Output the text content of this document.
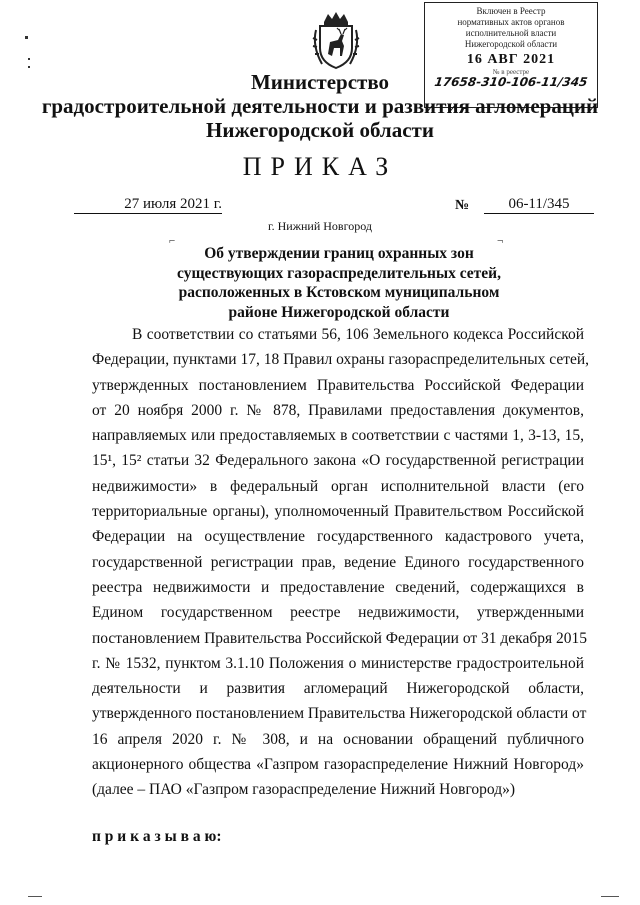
Включен в Реестр
нормативных актов органов
исполнительной власти
Нижегородской области
16 АВГ 2021
№ в реестре
17658-310-106-11/345
Министерство
градостроительной деятельности и развития агломераций
Нижегородской области
ПРИКАЗ
27 июля 2021 г.	№	06-11/345
г. Нижний Новгород
⌐	¬
Об утверждении границ охранных зон
существующих газораспределительных сетей,
расположенных в Кстовском муниципальном
районе Нижегородской области
В соответствии со статьями 56, 106 Земельного кодекса Российской
Федерации, пунктами 17, 18 Правил охраны газораспределительных сетей,
утвержденных постановлением Правительства Российской Федерации
от 20 ноября 2000 г. № 878, Правилами предоставления документов,
направляемых или предоставляемых в соответствии с частями 1, 3-13, 15,
15¹, 15² статьи 32 Федерального закона «О государственной регистрации
недвижимости» в федеральный орган исполнительной власти (его
территориальные органы), уполномоченный Правительством Российской
Федерации на осуществление государственного кадастрового учета,
государственной регистрации прав, ведение Единого государственного
реестра недвижимости и предоставление сведений, содержащихся в
Едином государственном реестре недвижимости, утвержденными
постановлением Правительства Российской Федерации от 31 декабря 2015
г. № 1532, пунктом 3.1.10 Положения о министерстве градостроительной
деятельности и развития агломераций Нижегородской области,
утвержденного постановлением Правительства Нижегородской области от
16 апреля 2020 г. № 308, и на основании обращений публичного
акционерного общества «Газпром газораспределение Нижний Новгород»
(далее – ПАО «Газпром газораспределение Нижний Новгород»)
п р и к а з ы в а ю:
